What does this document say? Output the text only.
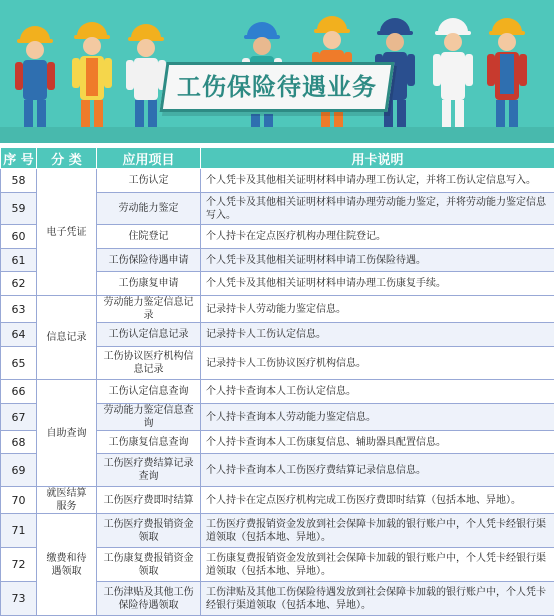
工伤保险待遇业务
序 号	分 类	应用项目	用卡说明
58	电子凭证	工伤认定	个人凭卡及其他相关证明材料申请办理工伤认定，并将工伤认定信息写入。
59		劳动能力鉴定	个人凭卡及其他相关证明材料申请办理劳动能力鉴定，并将劳动能力鉴定信息写入。
60		住院登记	个人持卡在定点医疗机构办理住院登记。
61		工伤保险待遇申请	个人凭卡及其他相关证明材料申请工伤保险待遇。
62		工伤康复申请	个人凭卡及其他相关证明材料申请办理工伤康复手续。
63	信息记录	劳动能力鉴定信息记录	记录持卡人劳动能力鉴定信息。
64		工伤认定信息记录	记录持卡人工伤认定信息。
65		工伤协议医疗机构信息记录	记录持卡人工伤协议医疗机构信息。
66	自助查询	工伤认定信息查询	个人持卡查询本人工伤认定信息。
67		劳动能力鉴定信息查询	个人持卡查询本人劳动能力鉴定信息。
68		工伤康复信息查询	个人持卡查询本人工伤康复信息、辅助器具配置信息。
69		工伤医疗费结算记录查询	个人持卡查询本人工伤医疗费结算记录信息信息。
70	就医结算服务	工伤医疗费即时结算	个人持卡在定点医疗机构完成工伤医疗费即时结算（包括本地、异地）。
71	缴费和待遇领取	工伤医疗费报销资金领取	工伤医疗费报销资金发放到社会保障卡加载的银行账户中，个人凭卡经银行渠道领取（包括本地、异地）。
72		工伤康复费报销资金领取	工伤康复费报销资金发放到社会保障卡加载的银行账户中，个人凭卡经银行渠道领取（包括本地、异地）。
73		工伤津贴及其他工伤保险待遇领取	工伤津贴及其他工伤保险待遇发放到社会保障卡加载的银行账户中，个人凭卡经银行渠道领取（包括本地、异地）。
